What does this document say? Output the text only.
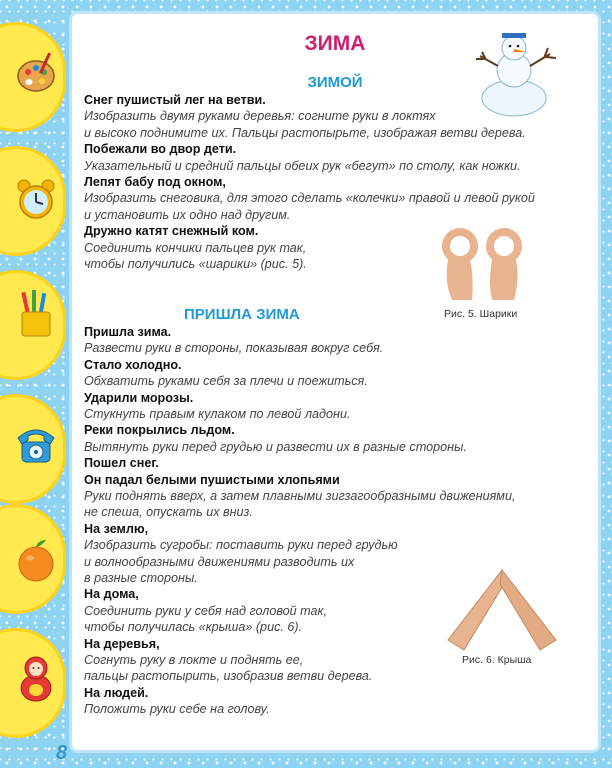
8
ЗИМА
ЗИМОЙ
Снег пушистый лег на ветви.
Изобразить двумя руками деревья: согните руки в локтях
и высоко поднимите их. Пальцы растопырьте, изображая ветви дерева.
Побежали во двор дети.
Указательный и средний пальцы обеих рук «бегут» по столу, как ножки.
Лепят бабу под окном,
Изобразить снеговика, для этого сделать «колечки» правой и левой рукой
и установить их одно над другим.
Дружно катят снежный ком.
Соединить кончики пальцев рук так,
чтобы получились «шарики» (рис. 5).
Рис. 5. Шарики
ПРИШЛА ЗИМА
Пришла зима.
Развести руки в стороны, показывая вокруг себя.
Стало холодно.
Обхватить руками себя за плечи и поежиться.
Ударили морозы.
Стукнуть правым кулаком по левой ладони.
Реки покрылись льдом.
Вытянуть руки перед грудью и развести их в разные стороны.
Пошел снег.
Он падал белыми пушистыми хлопьями
Руки поднять вверх, а затем плавными зигзагообразными движениями,
не спеша, опускать их вниз.
На землю,
Изобразить сугробы: поставить руки перед грудью
и волнообразными движениями разводить их
в разные стороны.
На дома,
Соединить руки у себя над головой так,
чтобы получилась «крыша» (рис. 6).
На деревья,
Согнуть руку в локте и поднять ее,
пальцы растопырить, изобразив ветви дерева.
На людей.
Положить руки себе на голову.
Рис. 6. Крыша
